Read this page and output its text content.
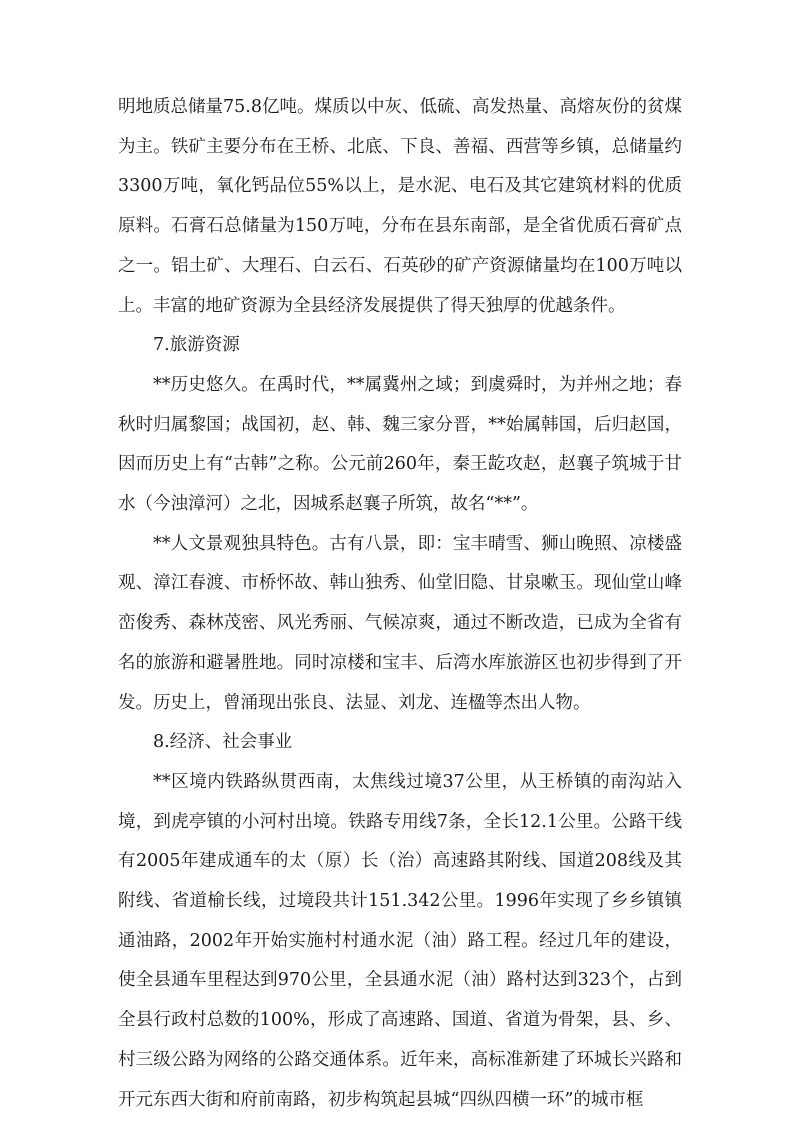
明地质总储量75.8亿吨。煤质以中灰、低硫、高发热量、高熔灰份的贫煤为主。铁矿主要分布在王桥、北底、下良、善福、西营等乡镇，总储量约3300万吨，氧化钙品位55%以上，是水泥、电石及其它建筑材料的优质原料。石膏石总储量为150万吨，分布在县东南部，是全省优质石膏矿点之一。铝土矿、大理石、白云石、石英砂的矿产资源储量均在100万吨以上。丰富的地矿资源为全县经济发展提供了得天独厚的优越条件。

7.旅游资源

**历史悠久。在禹时代，**属冀州之域；到虞舜时，为并州之地；春秋时归属黎国；战国初，赵、韩、魏三家分晋，**始属韩国，后归赵国，因而历史上有“古韩”之称。公元前260年，秦王龁攻赵，赵襄子筑城于甘水（今浊漳河）之北，因城系赵襄子所筑，故名“**”。

**人文景观独具特色。古有八景，即：宝丰晴雪、狮山晚照、凉楼盛观、漳江春渡、市桥怀故、韩山独秀、仙堂旧隐、甘泉嗽玉。现仙堂山峰峦俊秀、森林茂密、风光秀丽、气候凉爽，通过不断改造，已成为全省有名的旅游和避暑胜地。同时凉楼和宝丰、后湾水库旅游区也初步得到了开发。历史上，曾涌现出张良、法显、刘龙、连楹等杰出人物。

8.经济、社会事业

**区境内铁路纵贯西南，太焦线过境37公里，从王桥镇的南沟站入境，到虎亭镇的小河村出境。铁路专用线7条，全长12.1公里。公路干线有2005年建成通车的太（原）长（治）高速路其附线、国道208线及其附线、省道榆长线，过境段共计151.342公里。1996年实现了乡乡镇镇通油路，2002年开始实施村村通水泥（油）路工程。经过几年的建设，使全县通车里程达到970公里，全县通水泥（油）路村达到323个，占到全县行政村总数的100%，形成了高速路、国道、省道为骨架，县、乡、村三级公路为网络的公路交通体系。近年来，高标准新建了环城长兴路和开元东西大街和府前南路，初步构筑起县城“四纵四横一环”的城市框
